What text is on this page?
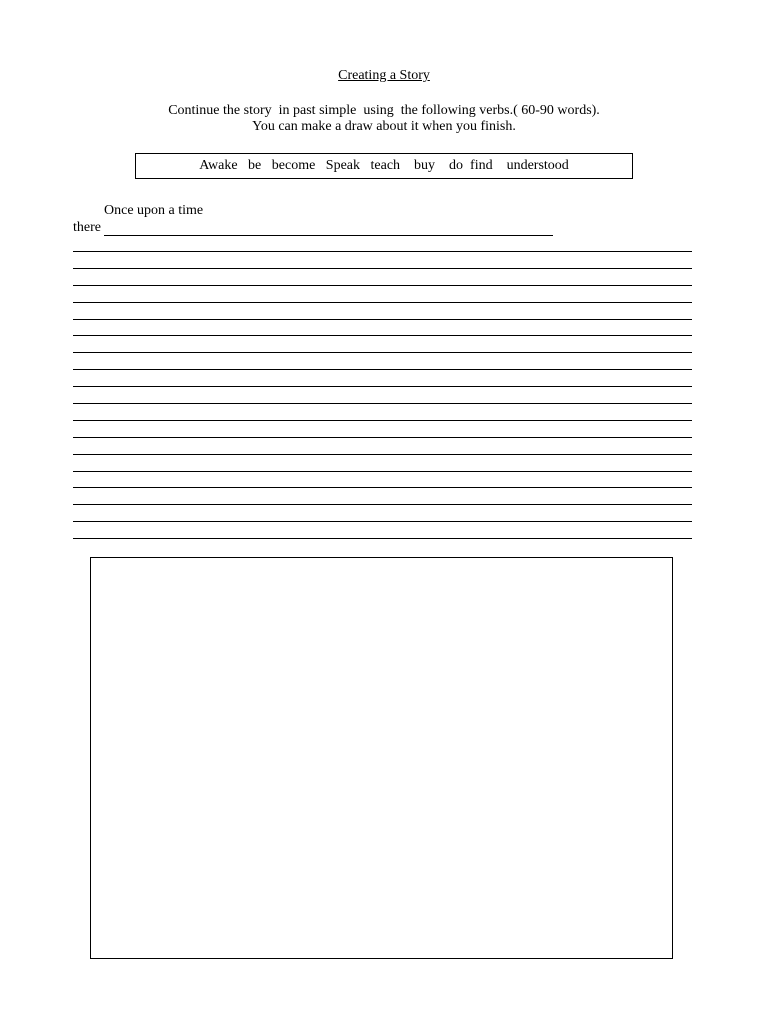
Creating a Story
Continue the story  in past simple  using  the following verbs.( 60-90 words).
You can make a draw about it when you finish.
Awake   be   become   Speak   teach    buy    do  find    understood
Once upon a time
there
